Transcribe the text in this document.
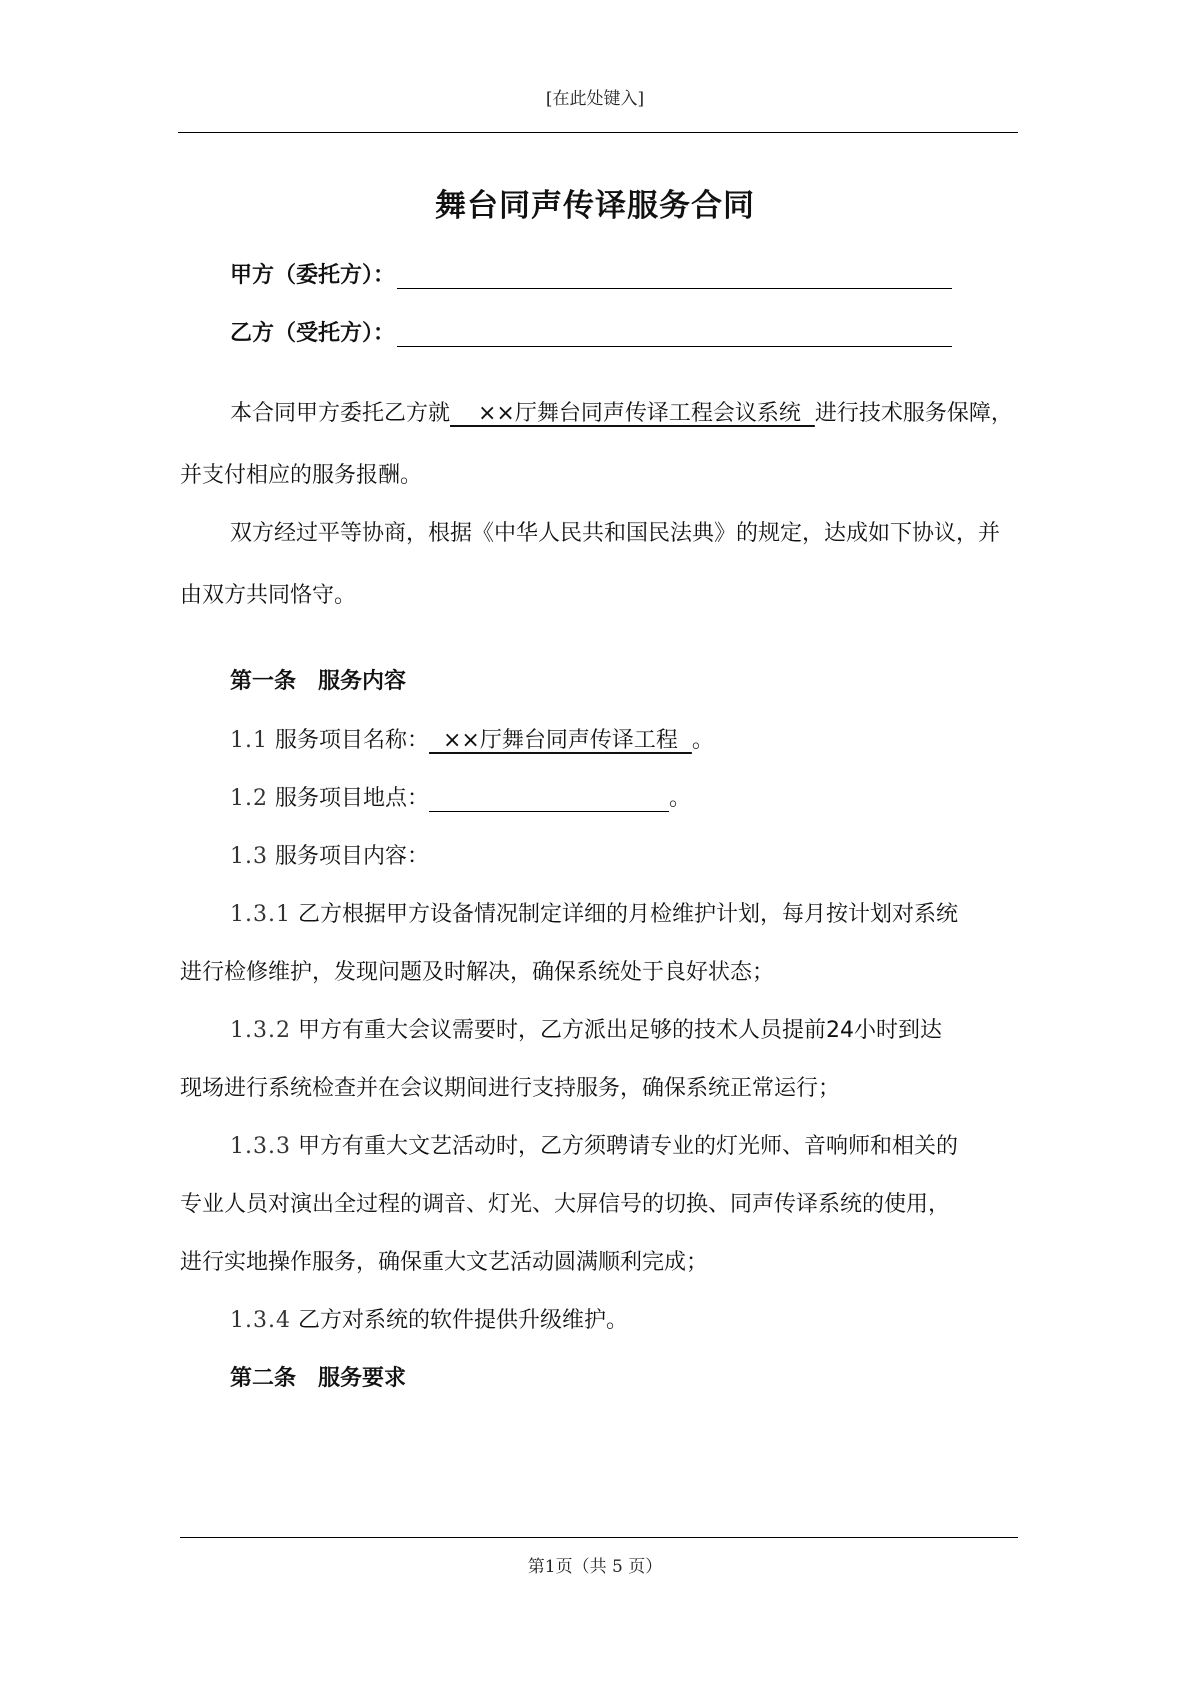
[在此处键入]
舞台同声传译服务合同
甲方（委托方）：
乙方（受托方）：
本合同甲方委托乙方就    ××厅舞台同声传译工程会议系统  进行技术服务保障，并支付相应的服务报酬。
双方经过平等协商，根据《中华人民共和国民法典》的规定，达成如下协议，并由双方共同恪守。
第一条　服务内容
1.1 服务项目名称：  ××厅舞台同声传译工程  。
1.2 服务项目地点：	。
1.3 服务项目内容：
1.3.1 乙方根据甲方设备情况制定详细的月检维护计划，每月按计划对系统
进行检修维护，发现问题及时解决，确保系统处于良好状态；
1.3.2 甲方有重大会议需要时，乙方派出足够的技术人员提前24小时到达
现场进行系统检查并在会议期间进行支持服务，确保系统正常运行；
1.3.3 甲方有重大文艺活动时，乙方须聘请专业的灯光师、音响师和相关的
专业人员对演出全过程的调音、灯光、大屏信号的切换、同声传译系统的使用，
进行实地操作服务，确保重大文艺活动圆满顺利完成；
1.3.4 乙方对系统的软件提供升级维护。
第二条　服务要求
第1页（共 5 页）
